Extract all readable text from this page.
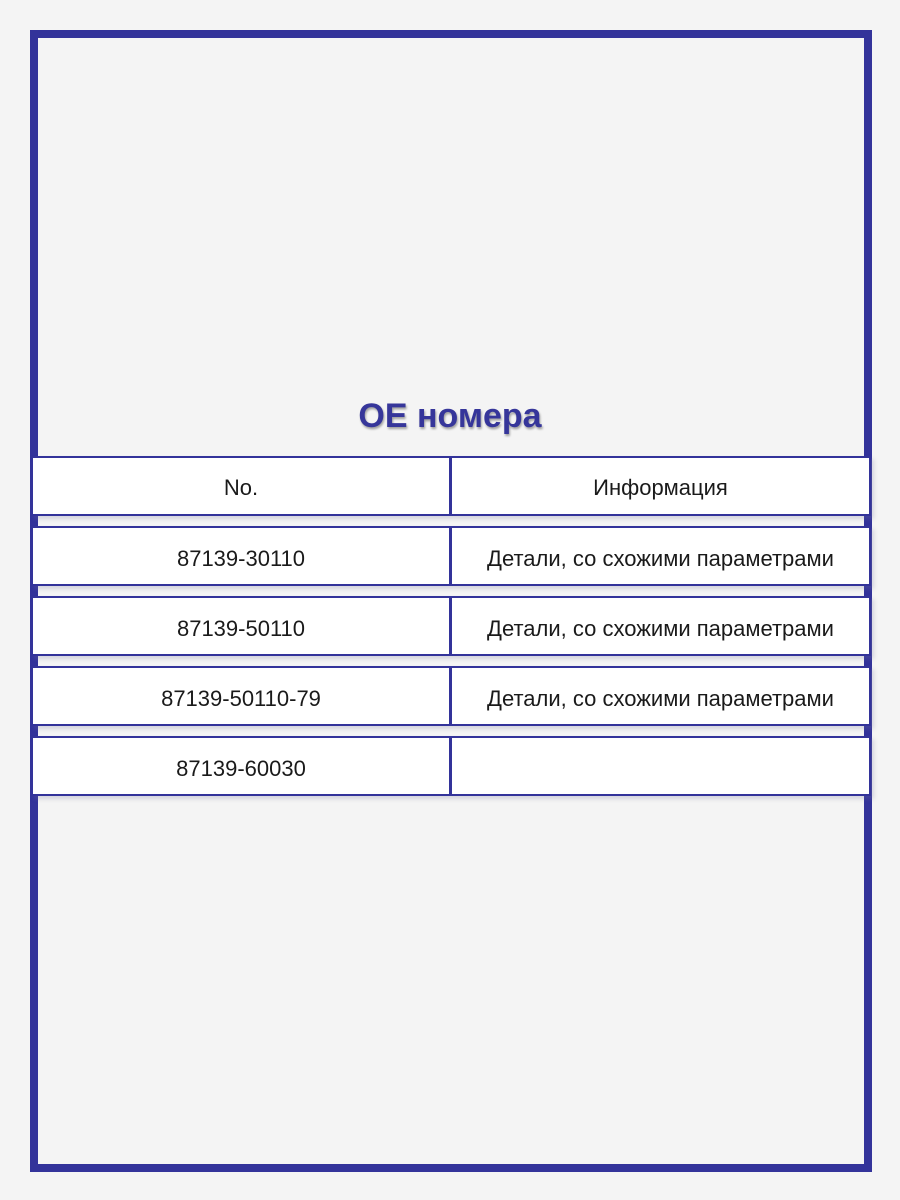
OE номера
No.	Информация
87139-30110	Детали, со схожими параметрами
87139-50110	Детали, со схожими параметрами
87139-50110-79	Детали, со схожими параметрами
87139-60030
